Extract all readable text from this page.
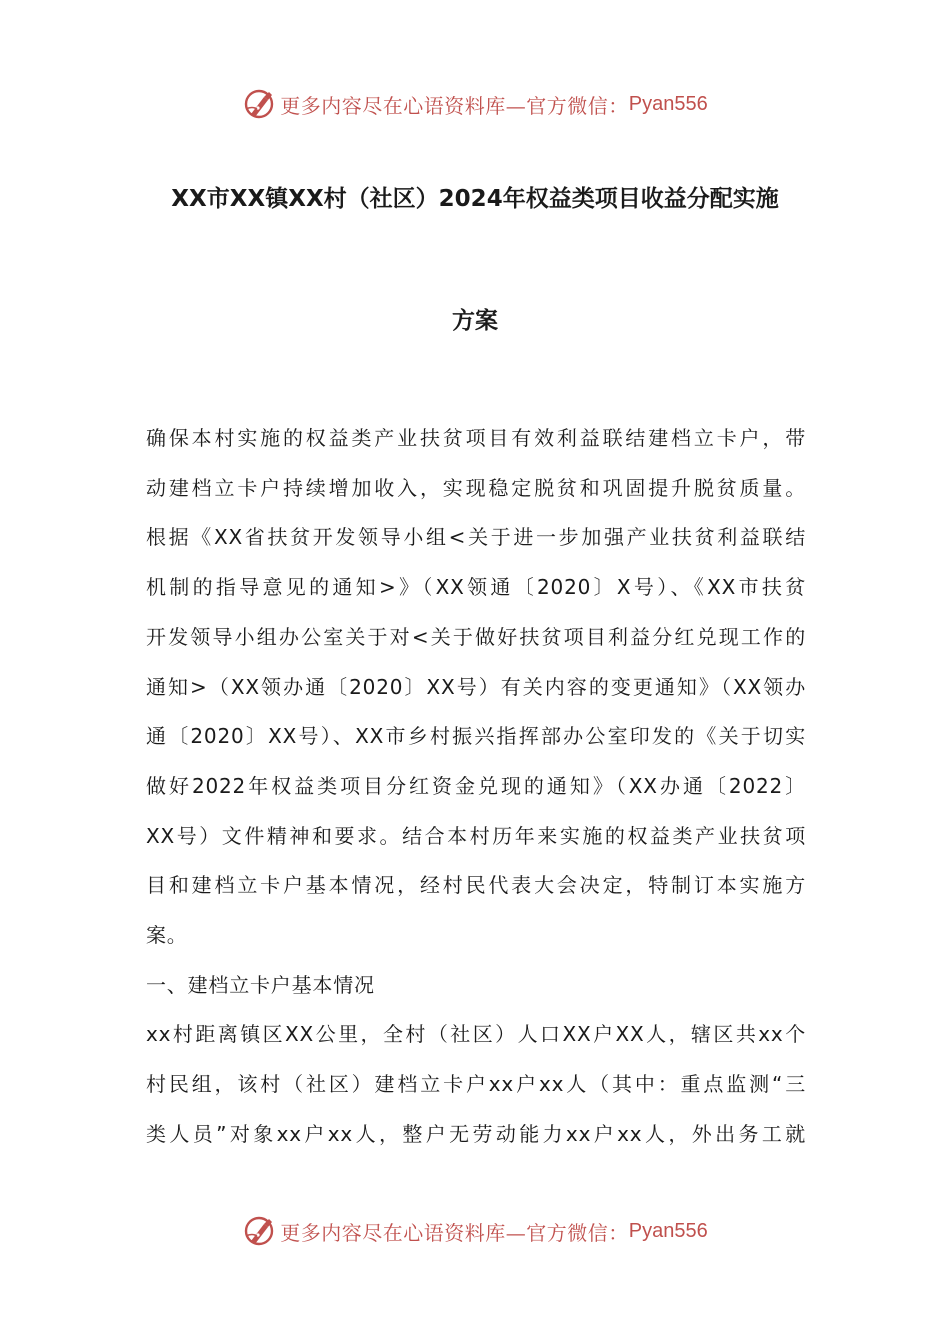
更多内容尽在心语资料库—官方微信： Pyan556
XX市XX镇XX村（社区）2024年权益类项目收益分配实施
方案

确保本村实施的权益类产业扶贫项目有效利益联结建档立卡户，带
动建档立卡户持续增加收入，实现稳定脱贫和巩固提升脱贫质量。
根据《XX省扶贫开发领导小组<关于进一步加强产业扶贫利益联结
机制的指导意见的通知>》（XX领通〔2020〕X号）、《XX市扶贫
开发领导小组办公室关于对<关于做好扶贫项目利益分红兑现工作的
通知>（XX领办通〔2020〕XX号）有关内容的变更通知》（XX领办
通〔2020〕XX号）、XX市乡村振兴指挥部办公室印发的《关于切实
做好2022年权益类项目分红资金兑现的通知》（XX办通〔2022〕
XX号）文件精神和要求。结合本村历年来实施的权益类产业扶贫项
目和建档立卡户基本情况，经村民代表大会决定，特制订本实施方
案。

一、建档立卡户基本情况

xx村距离镇区XX公里，全村（社区）人口XX户XX人，辖区共xx个
村民组，该村（社区）建档立卡户xx户xx人（其中：重点监测“三
类人员”对象xx户xx人，整户无劳动能力xx户xx人，外出务工就

更多内容尽在心语资料库—官方微信： Pyan556
